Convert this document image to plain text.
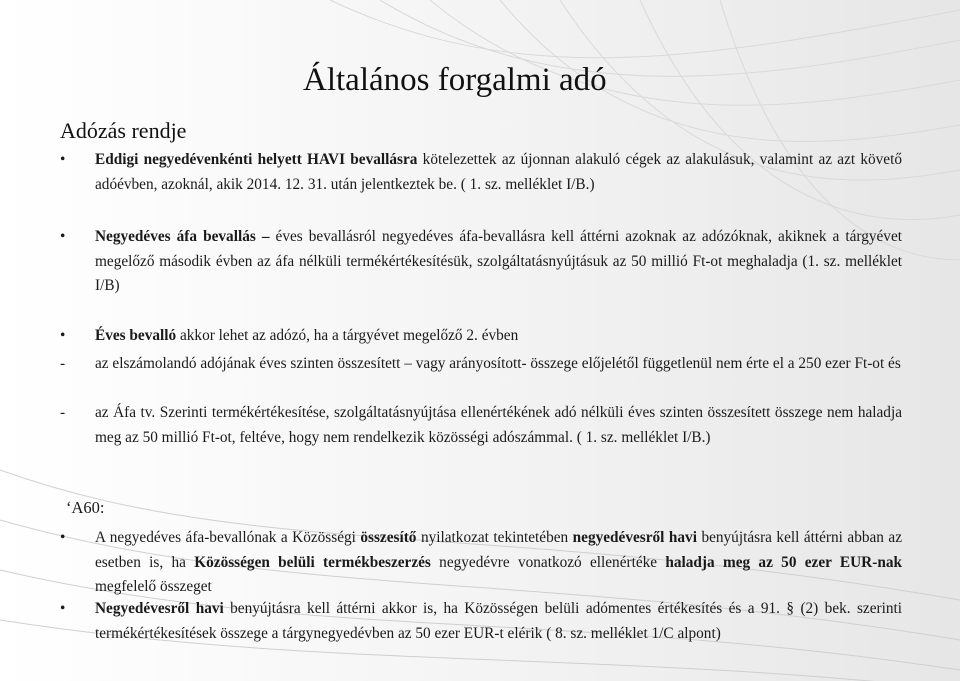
Általános forgalmi adó
Adózás rendje
•	Eddigi negyedévenkénti helyett HAVI bevallásra kötelezettek az újonnan alakuló cégek az alakulásuk, valamint az azt követő adóévben, azoknál, akik 2014. 12. 31. után jelentkeztek be. ( 1. sz. melléklet I/B.)
•	Negyedéves áfa bevallás – éves bevallásról negyedéves áfa-bevallásra kell áttérni azoknak az adózóknak, akiknek a tárgyévet megelőző második évben az áfa nélküli termékértékesítésük, szolgáltatásnyújtásuk az 50 millió Ft-ot meghaladja (1. sz. melléklet I/B)
•	Éves bevalló akkor lehet az adózó, ha a tárgyévet megelőző 2. évben
-	az elszámolandó adójának éves szinten összesített – vagy arányosított- összege előjelétől függetlenül nem érte el a 250 ezer Ft-ot és
-	az Áfa tv. Szerinti termékértékesítése, szolgáltatásnyújtása ellenértékének adó nélküli éves szinten összesített összege nem haladja meg az 50 millió Ft-ot, feltéve, hogy nem rendelkezik közösségi adószámmal. ( 1. sz. melléklet I/B.)
‘A60:
•	A negyedéves áfa-bevallónak a Közösségi összesítő nyilatkozat tekintetében negyedévesről havi benyújtásra kell áttérni abban az esetben is, ha Közösségen belüli termékbeszerzés negyedévre vonatkozó ellenértéke haladja meg az 50 ezer EUR-nak megfelelő összeget
•	Negyedévesről havi benyújtásra kell áttérni akkor is, ha Közösségen belüli adómentes értékesítés és a 91. § (2) bek. szerinti termékértékesítések összege a tárgynegyedévben az 50 ezer EUR-t elérik ( 8. sz. melléklet 1/C alpont)
